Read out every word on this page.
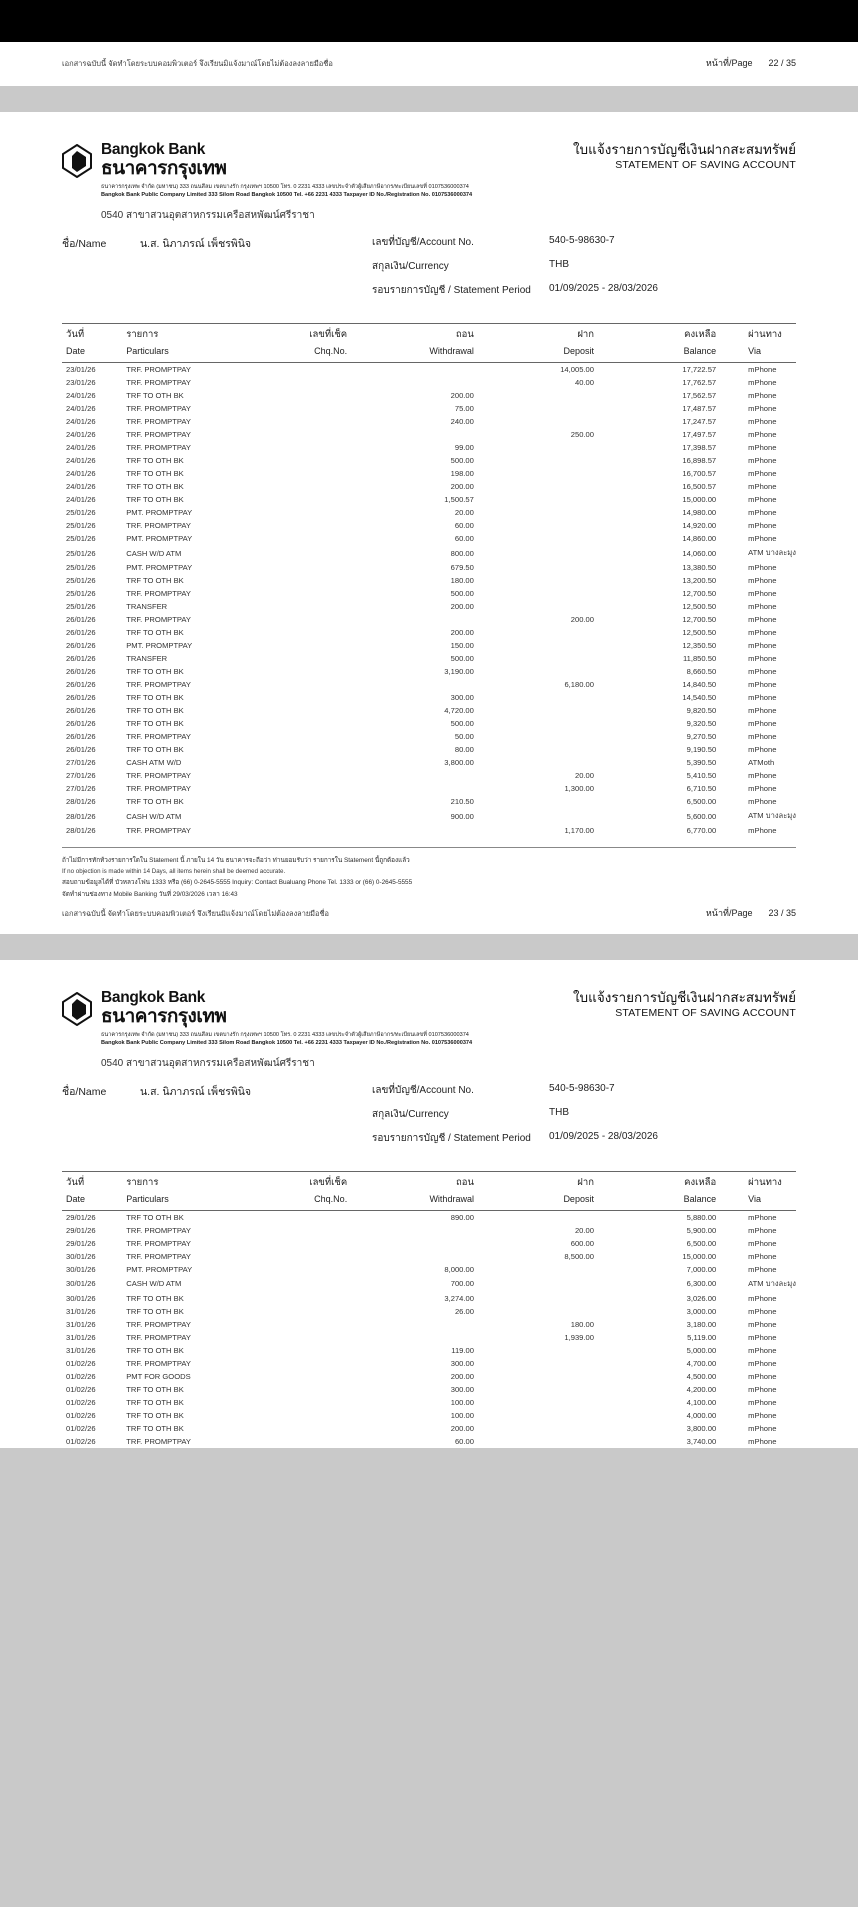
เอกสารฉบับนี้ จัดทำโดยระบบคอมพิวเตอร์ จึงเรียนมิแจ้งมาณ์โดยไม่ต้องลงลายมือชื่อ	หน้าที่/Page 22 / 35
Bangkok Bank
ธนาคารกรุงเทพ
ใบแจ้งรายการบัญชีเงินฝากสะสมทรัพย์
STATEMENT OF SAVING ACCOUNT
ธนาคารกรุงเทพ จำกัด (มหาชน) 333 ถนนสีลม เขตบางรัก กรุงเทพฯ 10500 โทร. 0 2231 4333 เลขประจำตัวผู้เสียภาษีอากร/ทะเบียนเลขที่ 0107536000374
Bangkok Bank Public Company Limited 333 Silom Road Bangkok 10500 Tel. +66 2231 4333 Taxpayer ID No./Registration No. 0107536000374
0540 สาขาสวนอุตสาหกรรมเครือสหพัฒน์ศรีราชา
ชื่อ/Name	น.ส. นิภาภรณ์ เพ็ชรพินิจ	เลขที่บัญชี/Account No.	540-5-98630-7
สกุลเงิน/Currency	THB
รอบรายการบัญชี / Statement Period	01/09/2025 - 28/03/2026
วันที่	รายการ	เลขที่เช็ค	ถอน	ฝาก	คงเหลือ	ผ่านทาง
Date	Particulars	Chq.No.	Withdrawal	Deposit	Balance	Via
23/01/26	TRF. PROMPTPAY			14,005.00	17,722.57	mPhone
23/01/26	TRF. PROMPTPAY			40.00	17,762.57	mPhone
24/01/26	TRF TO OTH BK		200.00		17,562.57	mPhone
24/01/26	TRF. PROMPTPAY		75.00		17,487.57	mPhone
24/01/26	TRF. PROMPTPAY		240.00		17,247.57	mPhone
24/01/26	TRF. PROMPTPAY			250.00	17,497.57	mPhone
24/01/26	TRF. PROMPTPAY		99.00		17,398.57	mPhone
24/01/26	TRF TO OTH BK		500.00		16,898.57	mPhone
24/01/26	TRF TO OTH BK		198.00		16,700.57	mPhone
24/01/26	TRF TO OTH BK		200.00		16,500.57	mPhone
24/01/26	TRF TO OTH BK		1,500.57		15,000.00	mPhone
25/01/26	PMT. PROMPTPAY		20.00		14,980.00	mPhone
25/01/26	TRF. PROMPTPAY		60.00		14,920.00	mPhone
25/01/26	PMT. PROMPTPAY		60.00		14,860.00	mPhone
25/01/26	CASH W/D ATM		800.00		14,060.00	ATM บางละมุง
25/01/26	PMT. PROMPTPAY		679.50		13,380.50	mPhone
25/01/26	TRF TO OTH BK		180.00		13,200.50	mPhone
25/01/26	TRF. PROMPTPAY		500.00		12,700.50	mPhone
25/01/26	TRANSFER		200.00		12,500.50	mPhone
26/01/26	TRF. PROMPTPAY			200.00	12,700.50	mPhone
26/01/26	TRF TO OTH BK		200.00		12,500.50	mPhone
26/01/26	PMT. PROMPTPAY		150.00		12,350.50	mPhone
26/01/26	TRANSFER		500.00		11,850.50	mPhone
26/01/26	TRF TO OTH BK		3,190.00		8,660.50	mPhone
26/01/26	TRF. PROMPTPAY			6,180.00	14,840.50	mPhone
26/01/26	TRF TO OTH BK		300.00		14,540.50	mPhone
26/01/26	TRF TO OTH BK		4,720.00		9,820.50	mPhone
26/01/26	TRF TO OTH BK		500.00		9,320.50	mPhone
26/01/26	TRF. PROMPTPAY		50.00		9,270.50	mPhone
26/01/26	TRF TO OTH BK		80.00		9,190.50	mPhone
27/01/26	CASH ATM W/D		3,800.00		5,390.50	ATMoth
27/01/26	TRF. PROMPTPAY			20.00	5,410.50	mPhone
27/01/26	TRF. PROMPTPAY			1,300.00	6,710.50	mPhone
28/01/26	TRF TO OTH BK		210.50		6,500.00	mPhone
28/01/26	CASH W/D ATM		900.00		5,600.00	ATM บางละมุง
28/01/26	TRF. PROMPTPAY			1,170.00	6,770.00	mPhone
ถ้าไม่มีการทักท้วงรายการใดใน Statement นี้ ภายใน 14 วัน ธนาคารจะถือว่า ท่านยอมรับว่า รายการใน Statement นี้ถูกต้องแล้ว
If no objection is made within 14 Days, all items herein shall be deemed accurate.
สอบถามข้อมูลได้ที่ บัวหลวงโฟน 1333 หรือ (66) 0-2645-5555 Inquiry: Contact Bualuang Phone Tel. 1333 or (66) 0-2645-5555
จัดทำผ่านช่องทาง Mobile Banking วันที่ 29/03/2026 เวลา 16:43
เอกสารฉบับนี้ จัดทำโดยระบบคอมพิวเตอร์ จึงเรียนมิแจ้งมาณ์โดยไม่ต้องลงลายมือชื่อ	หน้าที่/Page 23 / 35
Bangkok Bank
ธนาคารกรุงเทพ
ใบแจ้งรายการบัญชีเงินฝากสะสมทรัพย์
STATEMENT OF SAVING ACCOUNT
ธนาคารกรุงเทพ จำกัด (มหาชน) 333 ถนนสีลม เขตบางรัก กรุงเทพฯ 10500 โทร. 0 2231 4333 เลขประจำตัวผู้เสียภาษีอากร/ทะเบียนเลขที่ 0107536000374
Bangkok Bank Public Company Limited 333 Silom Road Bangkok 10500 Tel. +66 2231 4333 Taxpayer ID No./Registration No. 0107536000374
0540 สาขาสวนอุตสาหกรรมเครือสหพัฒน์ศรีราชา
ชื่อ/Name	น.ส. นิภาภรณ์ เพ็ชรพินิจ	เลขที่บัญชี/Account No.	540-5-98630-7
สกุลเงิน/Currency	THB
รอบรายการบัญชี / Statement Period	01/09/2025 - 28/03/2026
วันที่	รายการ	เลขที่เช็ค	ถอน	ฝาก	คงเหลือ	ผ่านทาง
Date	Particulars	Chq.No.	Withdrawal	Deposit	Balance	Via
29/01/26	TRF TO OTH BK		890.00		5,880.00	mPhone
29/01/26	TRF. PROMPTPAY			20.00	5,900.00	mPhone
29/01/26	TRF. PROMPTPAY			600.00	6,500.00	mPhone
30/01/26	TRF. PROMPTPAY			8,500.00	15,000.00	mPhone
30/01/26	PMT. PROMPTPAY		8,000.00		7,000.00	mPhone
30/01/26	CASH W/D ATM		700.00		6,300.00	ATM บางละมุง
30/01/26	TRF TO OTH BK		3,274.00		3,026.00	mPhone
31/01/26	TRF TO OTH BK		26.00		3,000.00	mPhone
31/01/26	TRF. PROMPTPAY			180.00	3,180.00	mPhone
31/01/26	TRF. PROMPTPAY			1,939.00	5,119.00	mPhone
31/01/26	TRF TO OTH BK		119.00		5,000.00	mPhone
01/02/26	TRF. PROMPTPAY		300.00		4,700.00	mPhone
01/02/26	PMT FOR GOODS		200.00		4,500.00	mPhone
01/02/26	TRF TO OTH BK		300.00		4,200.00	mPhone
01/02/26	TRF TO OTH BK		100.00		4,100.00	mPhone
01/02/26	TRF TO OTH BK		100.00		4,000.00	mPhone
01/02/26	TRF TO OTH BK		200.00		3,800.00	mPhone
01/02/26	TRF. PROMPTPAY		60.00		3,740.00	mPhone
